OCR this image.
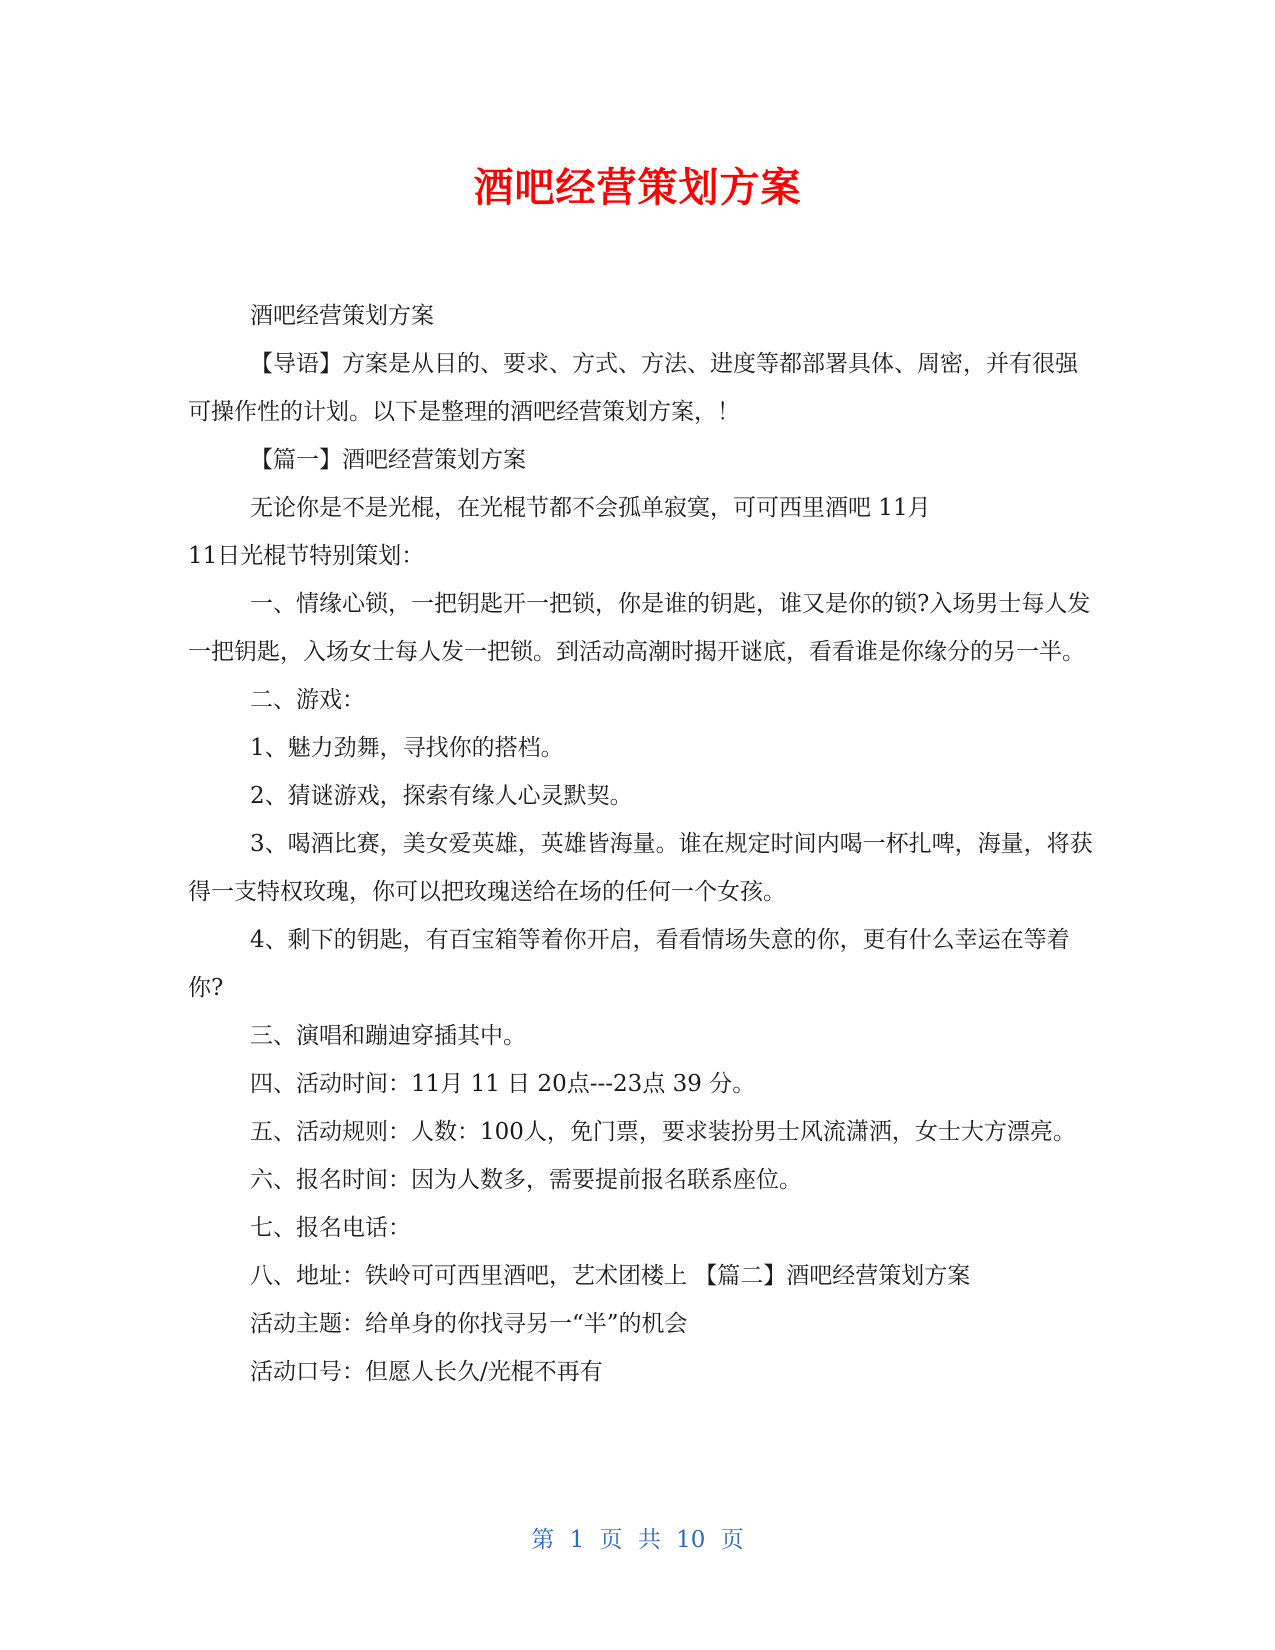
酒吧经营策划方案

酒吧经营策划方案

【导语】方案是从目的、要求、方式、方法、进度等都部署具体、周密，并有很强可操作性的计划。以下是整理的酒吧经营策划方案，！

【篇一】酒吧经营策划方案

无论你是不是光棍，在光棍节都不会孤单寂寞，可可西里酒吧 11月

11日光棍节特别策划：

一、情缘心锁，一把钥匙开一把锁，你是谁的钥匙，谁又是你的锁?入场男士每人发一把钥匙，入场女士每人发一把锁。到活动高潮时揭开谜底，看看谁是你缘分的另一半。

二、游戏：

1、魅力劲舞，寻找你的搭档。

2、猜谜游戏，探索有缘人心灵默契。

3、喝酒比赛，美女爱英雄，英雄皆海量。谁在规定时间内喝一杯扎啤，海量，将获得一支特权玫瑰，你可以把玫瑰送给在场的任何一个女孩。

4、剩下的钥匙，有百宝箱等着你开启，看看情场失意的你，更有什么幸运在等着你?

三、演唱和蹦迪穿插其中。

四、活动时间：11月 11 日 20点---23点 39 分。

五、活动规则：人数：100人，免门票，要求装扮男士风流潇洒，女士大方漂亮。

六、报名时间：因为人数多，需要提前报名联系座位。

七、报名电话：

八、地址：铁岭可可西里酒吧，艺术团楼上 【篇二】酒吧经营策划方案

活动主题：给单身的你找寻另一“半”的机会

活动口号：但愿人长久/光棍不再有

第 1 页 共 10 页
